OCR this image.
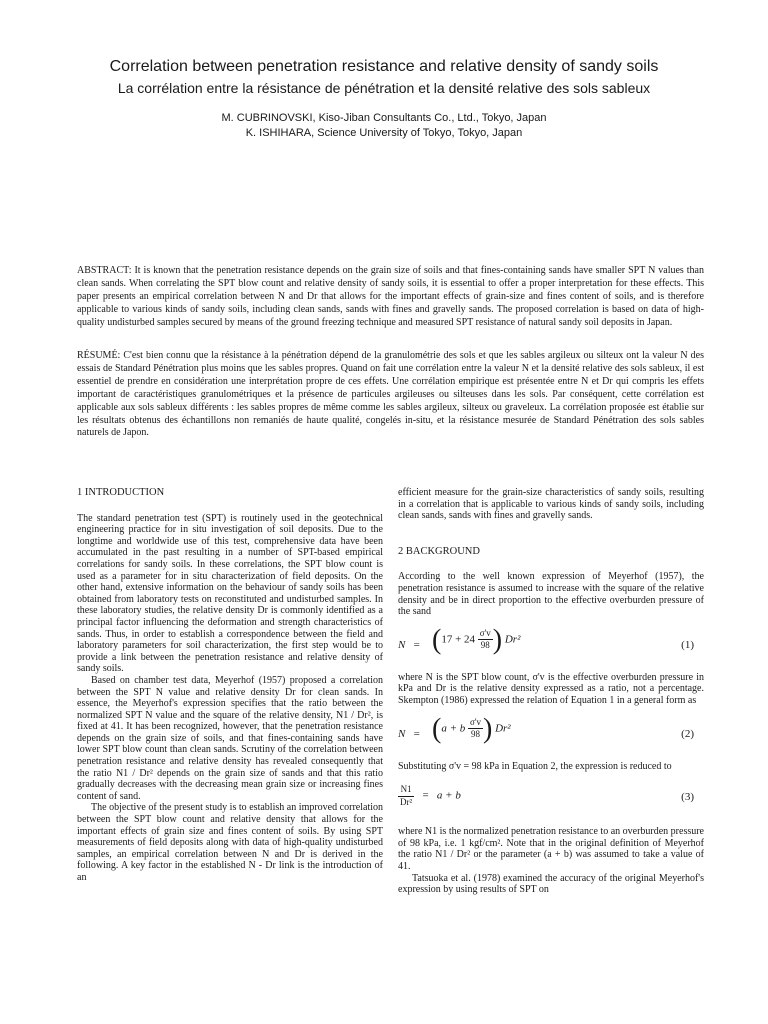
Correlation between penetration resistance and relative density of sandy soils
La corrélation entre la résistance de pénétration et la densité relative des sols sableux
M. CUBRINOVSKI, Kiso-Jiban Consultants Co., Ltd., Tokyo, Japan
K. ISHIHARA, Science University of Tokyo, Tokyo, Japan
ABSTRACT: It is known that the penetration resistance depends on the grain size of soils and that fines-containing sands have smaller SPT N values than clean sands. When correlating the SPT blow count and relative density of sandy soils, it is essential to offer a proper interpretation for these effects. This paper presents an empirical correlation between N and Dr that allows for the important effects of grain-size and fines content of soils, and is therefore applicable to various kinds of sandy soils, including clean sands, sands with fines and gravelly sands. The proposed correlation is based on data of high-quality undisturbed samples secured by means of the ground freezing technique and measured SPT resistance of natural sandy soil deposits in Japan.
RÉSUMÉ: C'est bien connu que la résistance à la pénétration dépend de la granulométrie des sols et que les sables argileux ou silteux ont la valeur N des essais de Standard Pénétration plus moins que les sables propres. Quand on fait une corrélation entre la valeur N et la densité relative des sols sableux, il est essentiel de prendre en considération une interprétation propre de ces effets. Une corrélation empirique est présentée entre N et Dr qui compris les effets important de caractéristiques granulométriques et la présence de particules argileuses ou silteuses dans les sols. Par conséquent, cette corrélation est applicable aux sols sableux différents : les sables propres de même comme les sables argileux, silteux ou graveleux. La corrélation proposée est établie sur les résultats obtenus des échantillons non remaniés de haute qualité, congelés in-situ, et la résistance mesurée de Standard Pénétration des sols sables naturels de Japon.

1 INTRODUCTION

The standard penetration test (SPT) is routinely used in the geotechnical engineering practice for in situ investigation of soil deposits. Due to the longtime and worldwide use of this test, comprehensive data have been accumulated in the past resulting in a number of SPT-based empirical correlations for sandy soils. In these correlations, the SPT blow count is used as a parameter for in situ characterization of field deposits. On the other hand, extensive information on the behaviour of sandy soils has been obtained from laboratory tests on reconstituted and undisturbed samples. In these laboratory studies, the relative density Dr is commonly identified as a principal factor influencing the deformation and strength characteristics of sands. Thus, in order to establish a correspondence between the field and laboratory parameters for soil characterization, the first step would be to provide a link between the penetration resistance and relative density of sandy soils.

Based on chamber test data, Meyerhof (1957) proposed a correlation between the SPT N value and relative density Dr for clean sands. In essence, the Meyerhof's expression specifies that the ratio between the normalized SPT N value and the square of the relative density, N1 / Dr², is fixed at 41. It has been recognized, however, that the penetration resistance depends on the grain size of soils, and that fines-containing sands have lower SPT blow count than clean sands. Scrutiny of the correlation between penetration resistance and relative density has revealed consequently that the ratio N1 / Dr² depends on the grain size of sands and that this ratio gradually decreases with the decreasing mean grain size or increasing fines content of sand.

The objective of the present study is to establish an improved correlation between the SPT blow count and relative density that allows for the important effects of grain size and fines content of soils. By using SPT measurements of field deposits along with data of high-quality undisturbed samples, an empirical correlation between N and Dr is derived in the following. A key factor in the established N - Dr link is the introduction of an

efficient measure for the grain-size characteristics of sandy soils, resulting in a correlation that is applicable to various kinds of sandy soils, including clean sands, sands with fines and gravelly sands.

2 BACKGROUND

According to the well known expression of Meyerhof (1957), the penetration resistance is assumed to increase with the square of the relative density and be in direct proportion to the effective overburden pressure of the sand

$N = (17 + 24 \frac{\sigma'v}{98}$ ) Dr²	(1)

where N is the SPT blow count, σ'v is the effective overburden pressure in kPa and Dr is the relative density expressed as a ratio, not a percentage. Skempton (1986) expressed the relation of Equation 1 in a general form as

N = (a + b $\frac{\sigma'v}{98}$ ) Dr²	(2)

Substituting σ'v = 98 kPa in Equation 2, the expression is reduced to

$\frac{N1}{\text{Dr²}} = a + b$	(3)

where N1 is the normalized penetration resistance to an overburden pressure of 98 kPa, i.e. 1 kgf/cm². Note that in the original definition of Meyerhof the ratio N1 / Dr² or the parameter (a + b) was assumed to take a value of 41.

Tatsuoka et al. (1978) examined the accuracy of the original Meyerhof's expression by using results of SPT on
